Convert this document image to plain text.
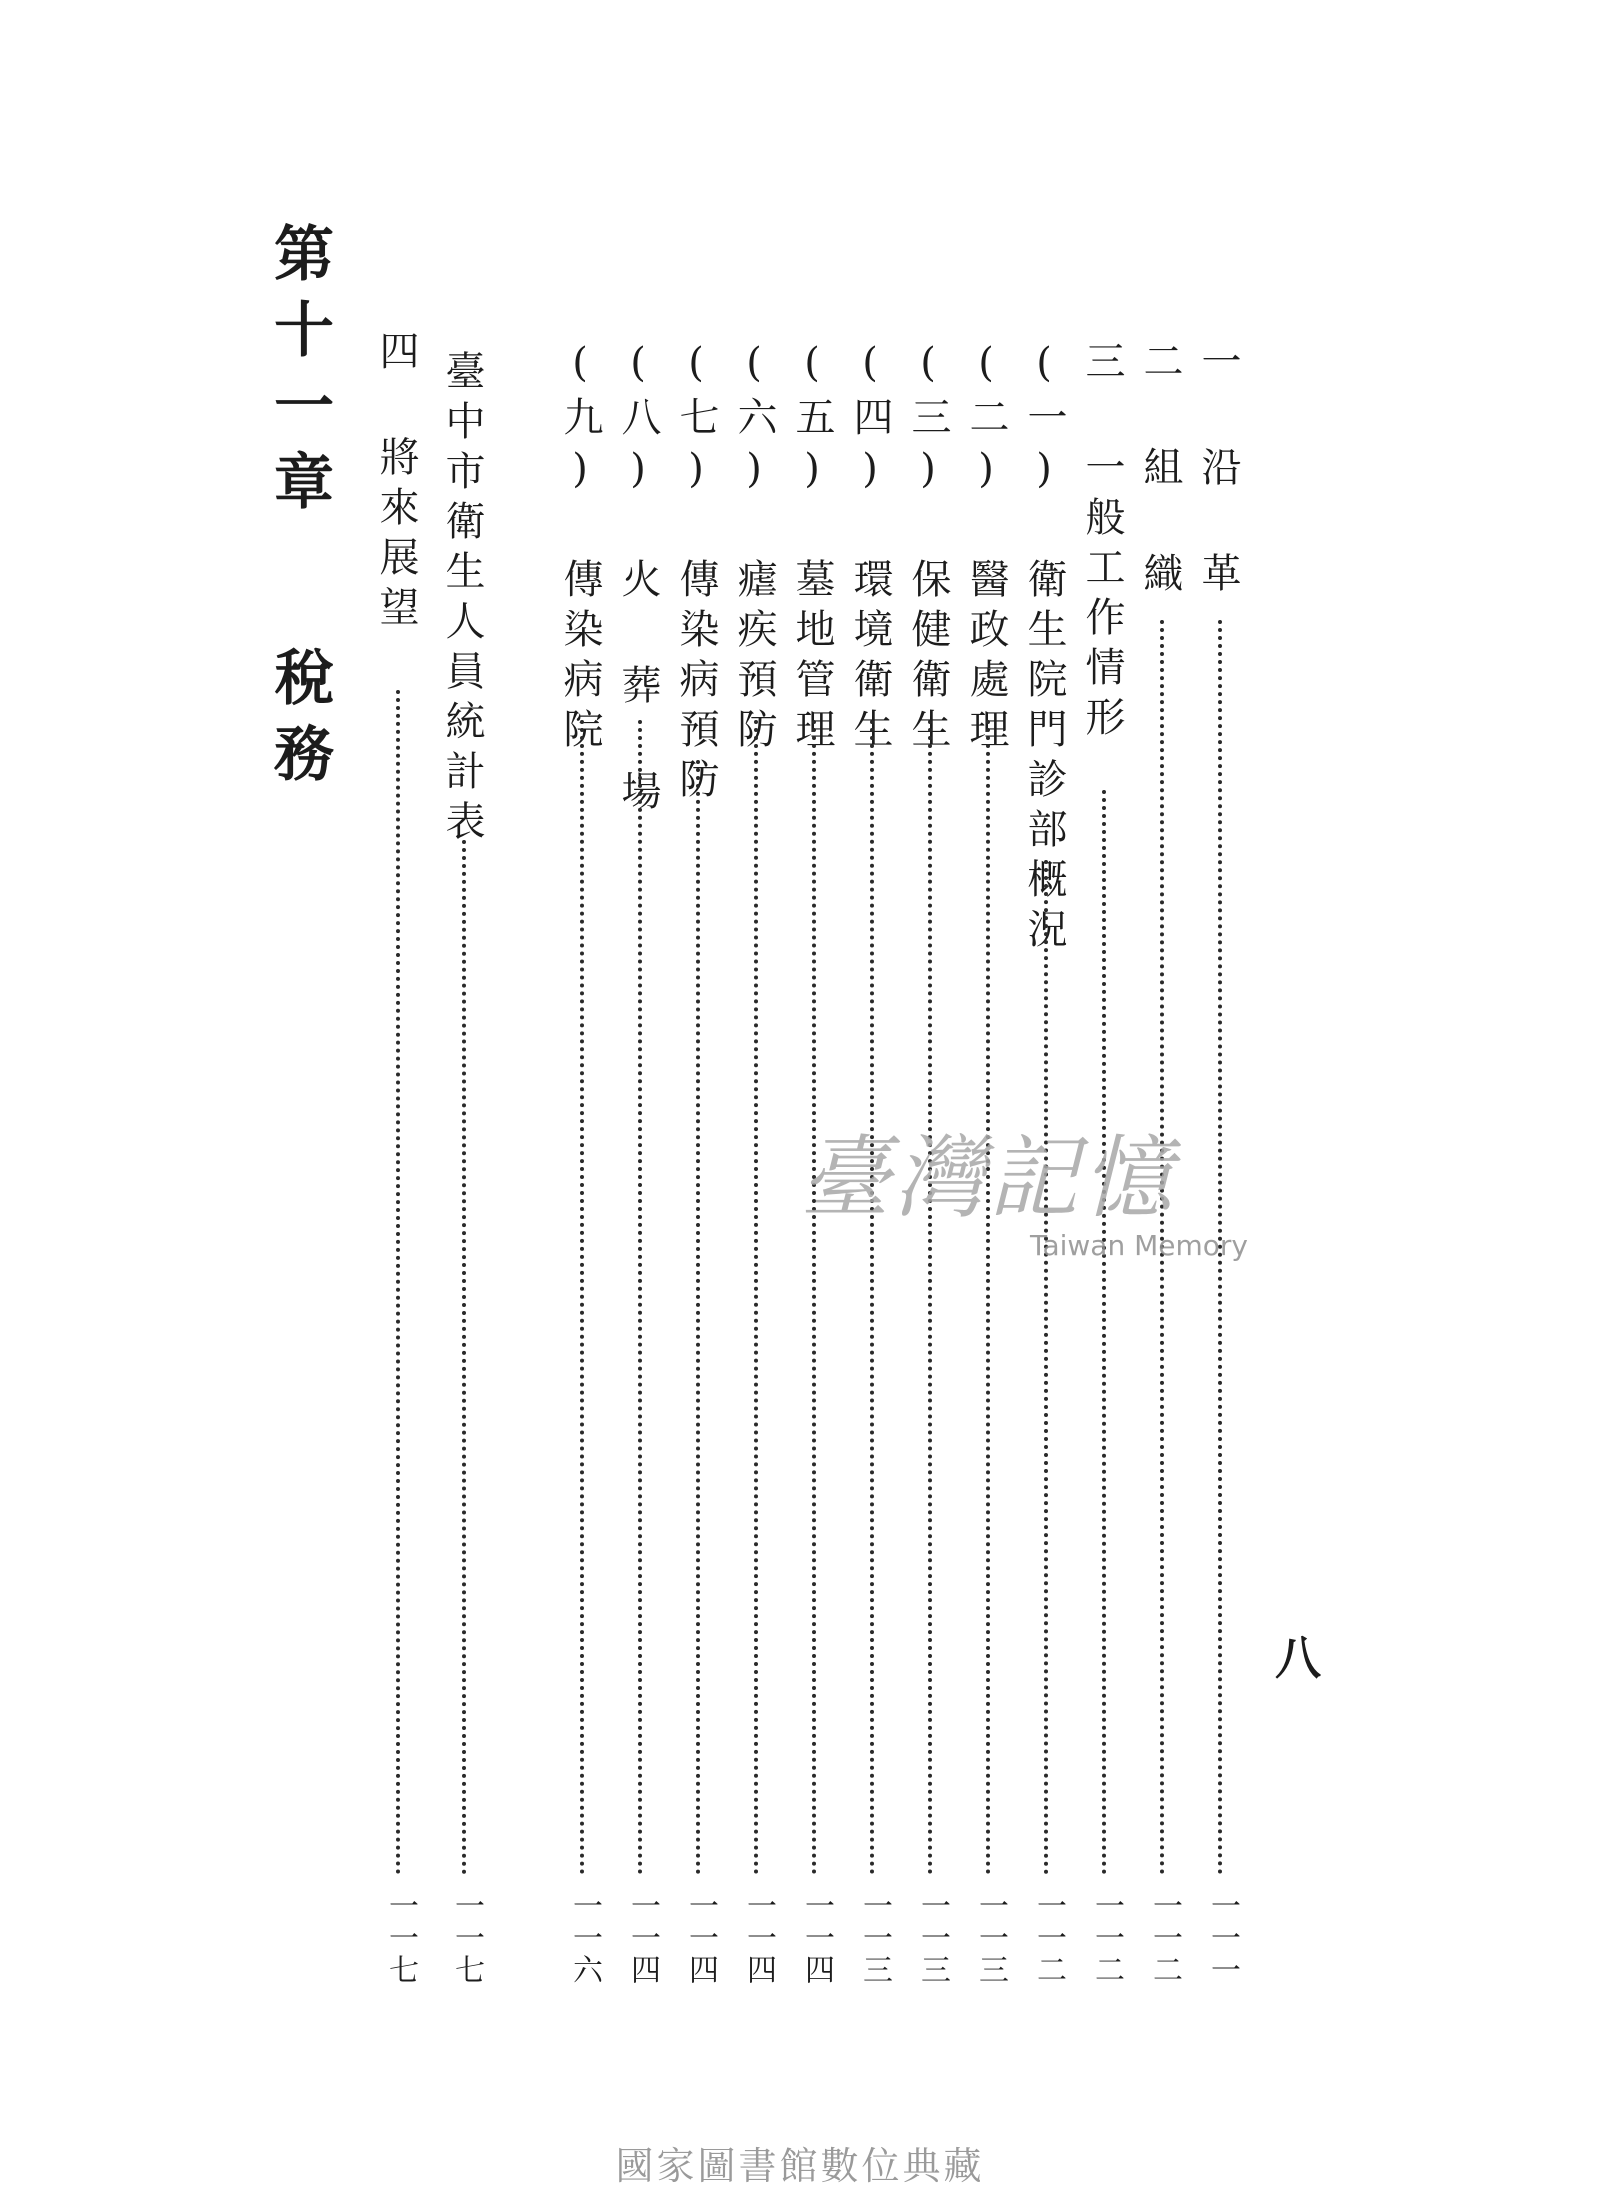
第十一章稅務
一 沿 革
一一一
二 組 織
一一二
三 一般工作情形
一一二
(一) 衛生院門診部概況
一一二
(二) 醫政處理
一一三
(三) 保健衛生
一一三
(四) 環境衛生
一一三
(五) 墓地管理
一一四
(六) 瘧疾預防
一一四
(七) 傳染病預防
一一四
(八) 火 葬 場
一一四
(九) 傳染病院
一一六
臺中市衛生人員統計表
一一七
四 將來展望
一一七
八
臺灣記憶
Taiwan Memory
國家圖書館數位典藏
